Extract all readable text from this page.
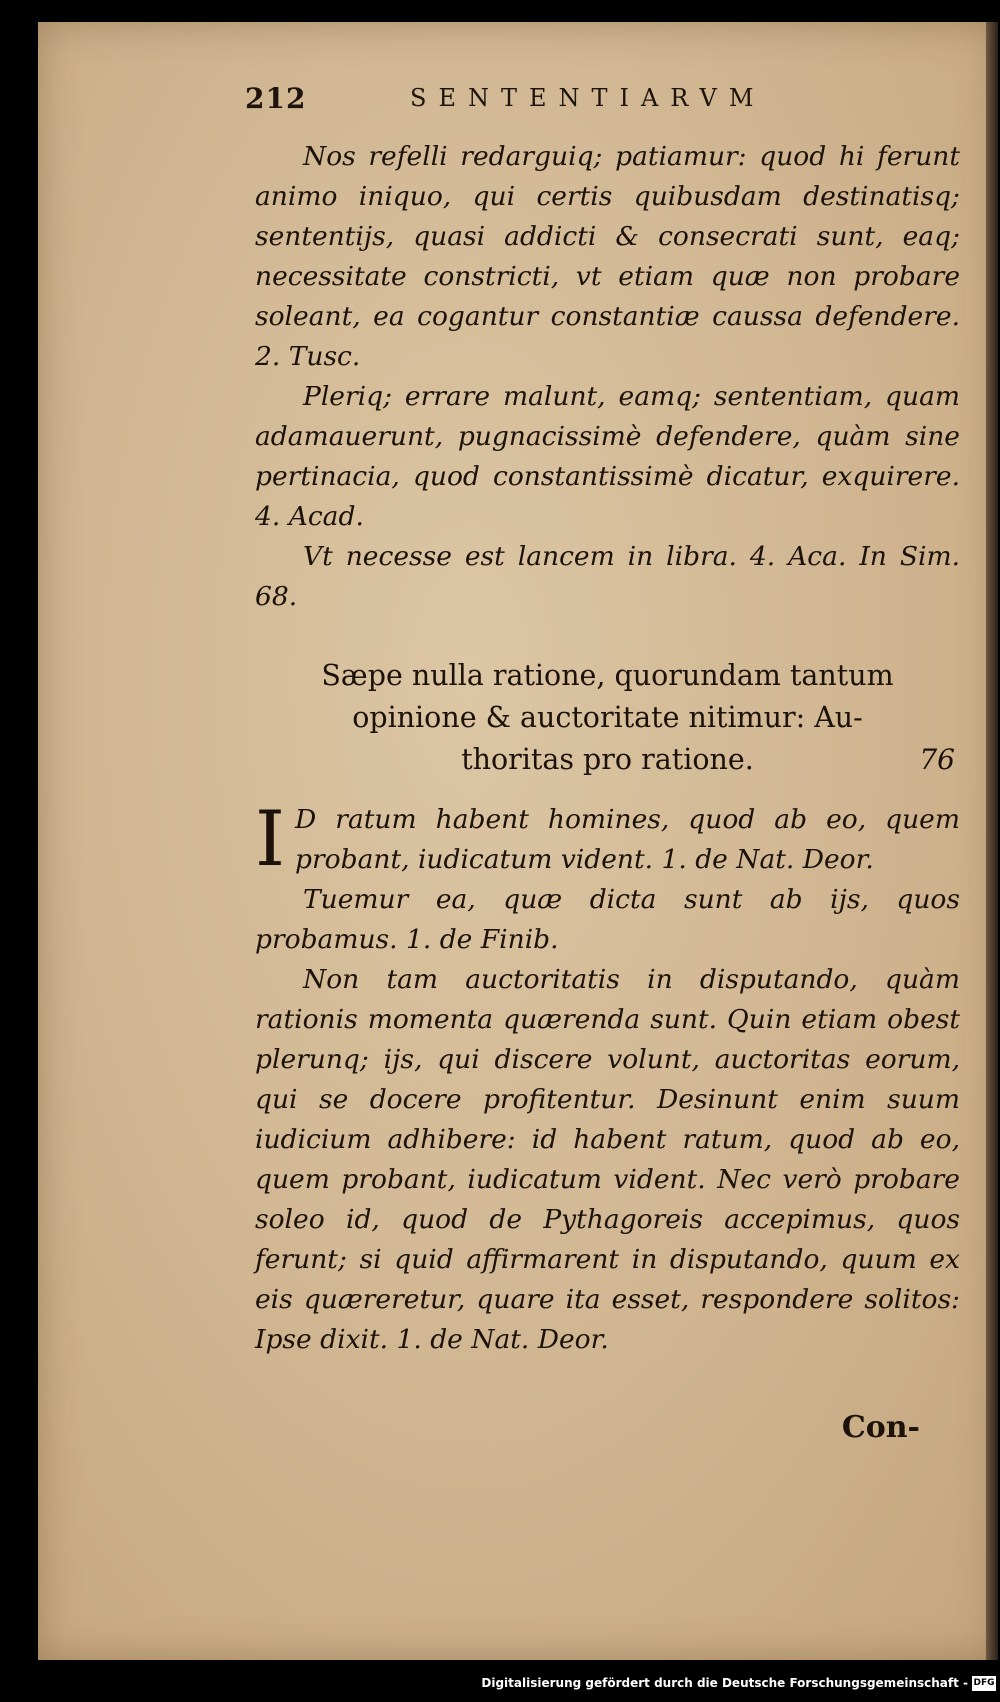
212	SENTENTIARVM

Nos refelli redarguiq; patiamur: quod hi ferunt animo iniquo, qui certis quibusdam destinatisq; sententijs, quasi addicti & consecrati sunt, eaq; necessitate constricti, vt etiam quæ non probare soleant, ea cogantur constantiæ caussa defendere. 2. Tusc.

Pleriq; errare malunt, eamq; sententiam, quam adamauerunt, pugnacissimè defendere, quàm sine pertinacia, quod constantissimè dicatur, exquirere. 4. Acad.

Vt necesse est lancem in libra. 4. Aca. In Sim. 68.

Sæpe nulla ratione, quorundam tantum
opinione & auctoritate nitimur: Au-
thoritas pro ratione.	76

I D ratum habent homines, quod ab eo, quem probant, iudicatum vident. 1. de Nat. Deor.

Tuemur ea, quæ dicta sunt ab ijs, quos probamus. 1. de Finib.

Non tam auctoritatis in disputando, quàm rationis momenta quærenda sunt. Quin etiam obest plerunq; ijs, qui discere volunt, auctoritas eorum, qui se docere profitentur. Desinunt enim suum iudicium adhibere: id habent ratum, quod ab eo, quem probant, iudicatum vident. Nec verò probare soleo id, quod de Pythagoreis accepimus, quos ferunt; si quid affirmarent in disputando, quum ex eis quæreretur, quare ita esset, respondere solitos: Ipse dixit. 1. de Nat. Deor.

Con-
Digitalisierung gefördert durch die Deutsche Forschungsgemeinschaft - DFG
